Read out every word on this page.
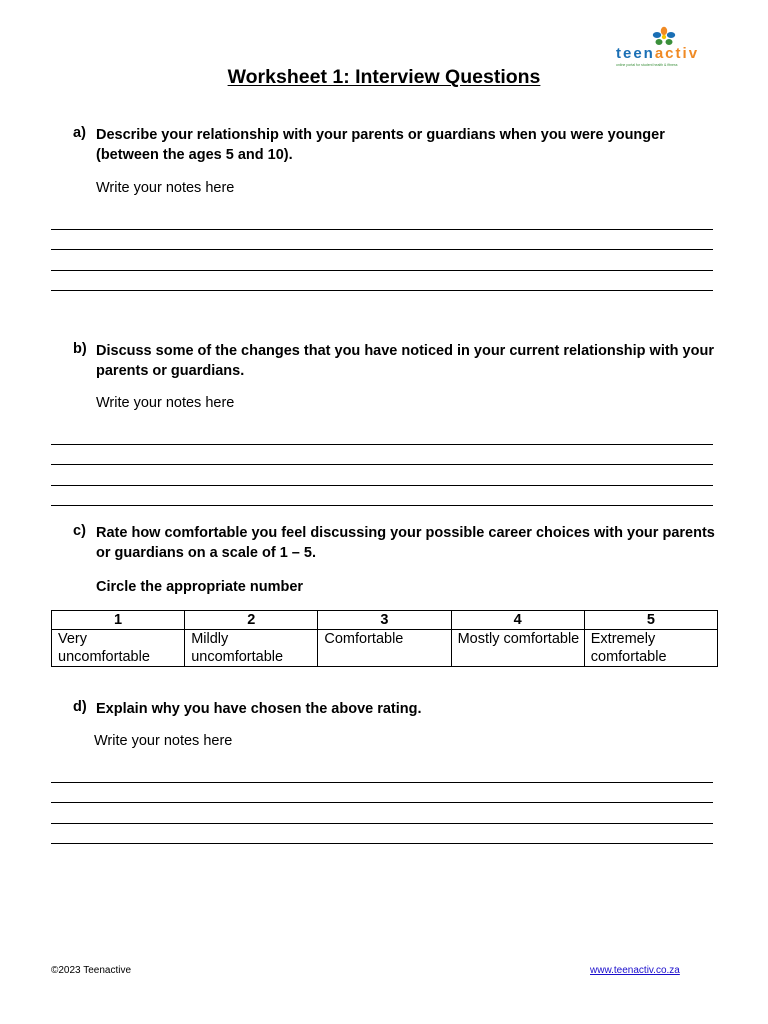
teenactiv
online portal for student health & fitness
Worksheet 1: Interview Questions
a) Describe your relationship with your parents or guardians when you were younger (between the ages 5 and 10).
Write your notes here
b) Discuss some of the changes that you have noticed in your current relationship with your parents or guardians.
Write your notes here
c) Rate how comfortable you feel discussing your possible career choices with your parents or guardians on a scale of 1 – 5.
Circle the appropriate number
1	2	3	4	5
Very uncomfortable	Mildly uncomfortable	Comfortable	Mostly comfortable	Extremely comfortable
d) Explain why you have chosen the above rating.
Write your notes here
©2023 Teenactive	www.teenactiv.co.za
